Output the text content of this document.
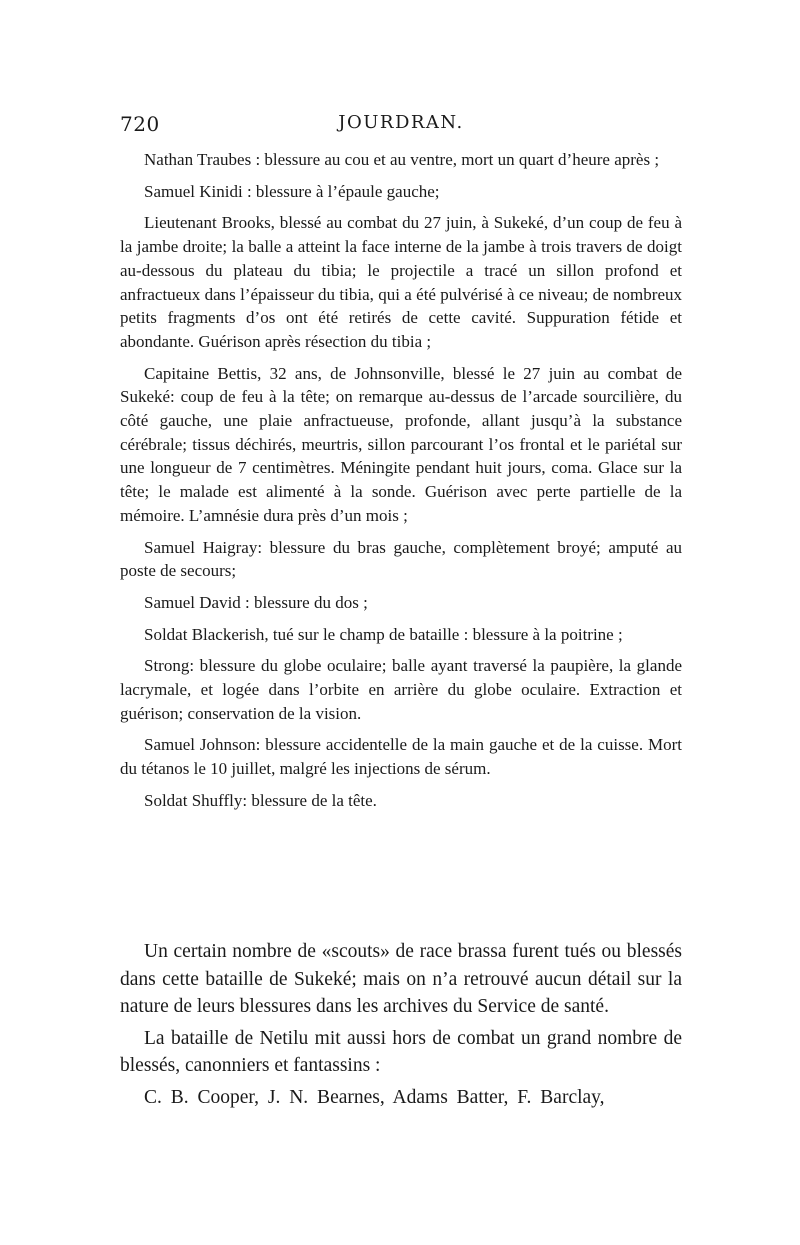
720	JOURDRAN.

Nathan Traubes : blessure au cou et au ventre, mort un quart d’heure après ;

Samuel Kinidi : blessure à l’épaule gauche;

Lieutenant Brooks, blessé au combat du 27 juin, à Sukeké, d’un coup de feu à la jambe droite; la balle a atteint la face interne de la jambe à trois travers de doigt au-dessous du plateau du tibia; le projectile a tracé un sillon profond et anfractueux dans l’épaisseur du tibia, qui a été pulvérisé à ce niveau; de nombreux petits fragments d’os ont été retirés de cette cavité. Suppuration fétide et abondante. Guérison après résection du tibia ;

Capitaine Bettis, 32 ans, de Johnsonville, blessé le 27 juin au combat de Sukeké: coup de feu à la tête; on remarque au-dessus de l’arcade sourcilière, du côté gauche, une plaie anfractueuse, profonde, allant jusqu’à la substance cérébrale; tissus déchirés, meurtris, sillon parcourant l’os frontal et le pariétal sur une longueur de 7 centimètres. Méningite pendant huit jours, coma. Glace sur la tête; le malade est alimenté à la sonde. Guérison avec perte partielle de la mémoire. L’amnésie dura près d’un mois ;

Samuel Haigray: blessure du bras gauche, complètement broyé; amputé au poste de secours;

Samuel David : blessure du dos ;

Soldat Blackerish, tué sur le champ de bataille : blessure à la poitrine ;

Strong: blessure du globe oculaire; balle ayant traversé la paupière, la glande lacrymale, et logée dans l’orbite en arrière du globe oculaire. Extraction et guérison; conservation de la vision.

Samuel Johnson: blessure accidentelle de la main gauche et de la cuisse. Mort du tétanos le 10 juillet, malgré les injections de sérum.

Soldat Shuffly: blessure de la tête.

Un certain nombre de «scouts» de race brassa furent tués ou blessés dans cette bataille de Sukeké; mais on n’a retrouvé aucun détail sur la nature de leurs blessures dans les archives du Service de santé.

La bataille de Netilu mit aussi hors de combat un grand nombre de blessés, canonniers et fantassins :

C. B. Cooper, J. N. Bearnes, Adams Batter, F. Barclay,
